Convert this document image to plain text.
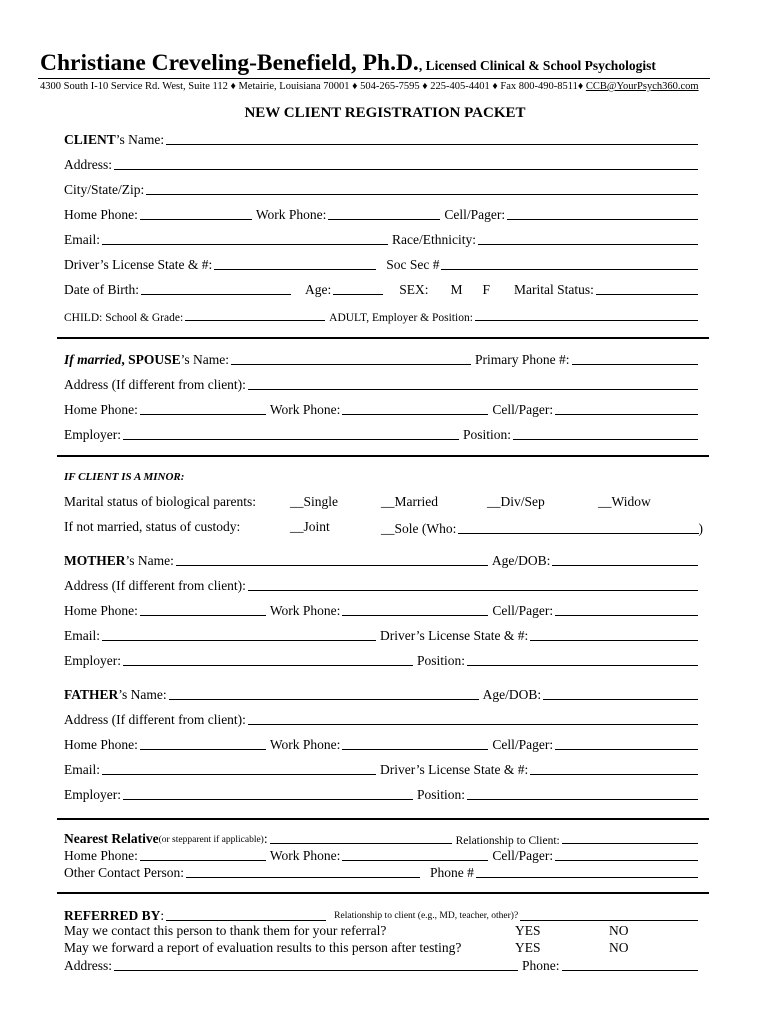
Christiane Creveling-Benefield, Ph.D., Licensed Clinical & School Psychologist
4300 South I-10 Service Rd. West, Suite 112 ♦ Metairie, Louisiana 70001 ♦ 504-265-7595 ♦ 225-405-4401 ♦ Fax 800-490-8511♦ CCB@YourPsych360.com
NEW CLIENT REGISTRATION PACKET
CLIENT ’s Name:
Address:
City/State/Zip:
Home Phone:	Work Phone:	Cell/Pager:
Email:	Race/Ethnicity:
Driver’s License State & #:	Soc Sec #
Date of Birth:	Age:	SEX: M F Marital Status:
CHILD: School & Grade:	ADULT, Employer & Position:
If married , SPOUSE ’s Name:	Primary Phone #:
Address (If different from client):
Home Phone:	Work Phone:	Cell/Pager:
Employer:	Position:
IF CLIENT IS A MINOR:
Marital status of biological parents:	__Single	__Married	__Div/Sep	__Widow
If not married, status of custody:	__Joint	__Sole (Who:	)
MOTHER ’s Name:	Age/DOB:
Address (If different from client):
Home Phone:	Work Phone:	Cell/Pager:
Email:	Driver’s License State & #:
Employer:	Position:
FATHER ’s Name:	Age/DOB:
Address (If different from client):
Home Phone:	Work Phone:	Cell/Pager:
Email:	Driver’s License State & #:
Employer:	Position:
Nearest Relative (or stepparent if applicable) :	Relationship to Client:
Home Phone:	Work Phone:	Cell/Pager:
Other Contact Person:	Phone #
REFERRED BY :	Relationship to client (e.g., MD, teacher, other)?
May we contact this person to thank them for your referral?	YES	NO
May we forward a report of evaluation results to this person after testing?	YES	NO
Address:	Phone:
